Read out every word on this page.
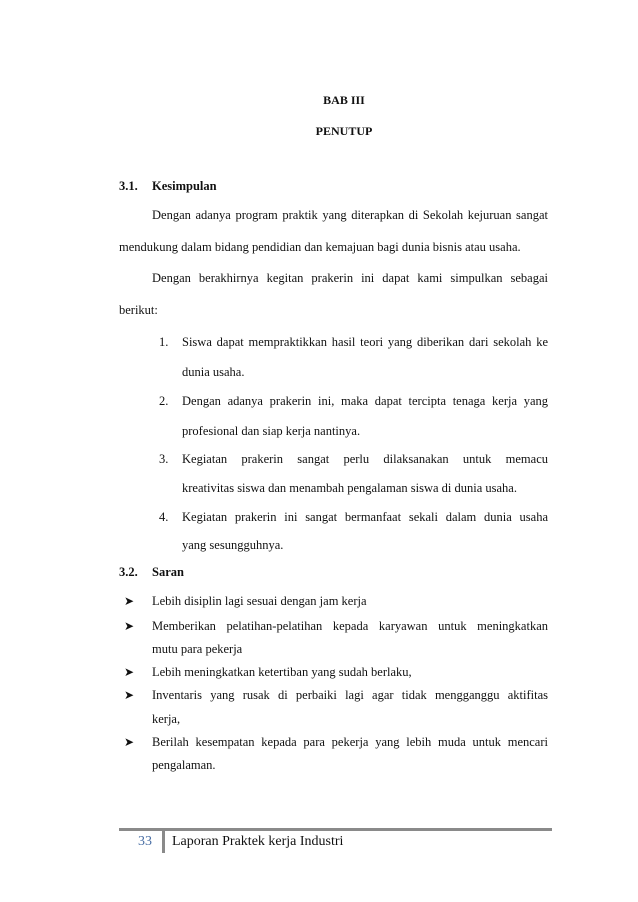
BAB III
PENUTUP
3.1. Kesimpulan
Dengan adanya program praktik yang diterapkan di Sekolah kejuruan sangat
mendukung dalam bidang pendidian dan kemajuan bagi dunia bisnis atau usaha.
Dengan berakhirnya kegitan prakerin ini dapat kami simpulkan sebagai
berikut:
1. Siswa dapat mempraktikkan hasil teori yang diberikan dari sekolah ke
dunia usaha.
2. Dengan adanya prakerin ini, maka dapat tercipta tenaga kerja yang
profesional dan siap kerja nantinya.
3. Kegiatan prakerin sangat perlu dilaksanakan untuk memacu
kreativitas siswa dan menambah pengalaman siswa di dunia usaha.
4. Kegiatan prakerin ini sangat bermanfaat sekali dalam dunia usaha
yang sesungguhnya.
3.2. Saran
➤ Lebih disiplin lagi sesuai dengan jam kerja
➤ Memberikan pelatihan-pelatihan kepada karyawan untuk meningkatkan
mutu para pekerja
➤ Lebih meningkatkan ketertiban yang sudah berlaku,
➤ Inventaris yang rusak di perbaiki lagi agar tidak mengganggu aktifitas
kerja,
➤ Berilah kesempatan kepada para pekerja yang lebih muda untuk mencari
pengalaman.
33 Laporan Praktek kerja Industri
